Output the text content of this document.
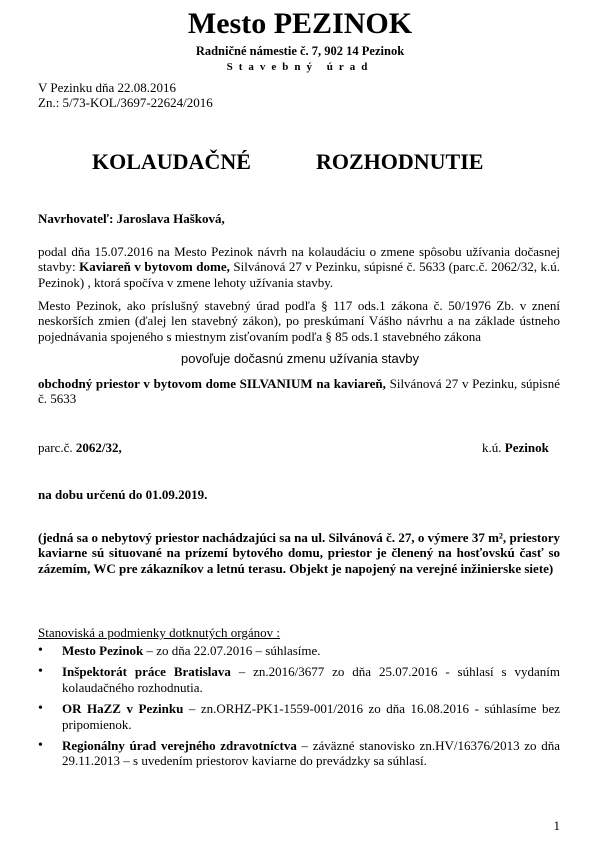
Mesto PEZINOK
Radničné námestie č. 7, 902 14 Pezinok
Stavebný úrad
V Pezinku dňa 22.08.2016
Zn.: 5/73-KOL/3697-22624/2016
KOLAUDAČNÉ	ROZHODNUTIE
Navrhovateľ: Jaroslava Hašková,
podal dňa 15.07.2016 na Mesto Pezinok návrh na kolaudáciu o zmene spôsobu užívania dočasnej stavby: Kaviareň v bytovom dome, Silvánová 27 v Pezinku, súpisné č. 5633 (parc.č. 2062/32, k.ú. Pezinok) , ktorá spočíva v zmene lehoty užívania stavby.
Mesto Pezinok, ako príslušný stavebný úrad podľa § 117 ods.1 zákona č. 50/1976 Zb. v znení neskorších zmien (ďalej len stavebný zákon), po preskúmaní Vášho návrhu a na základe ústneho pojednávania spojeného s miestnym zisťovaním podľa § 85 ods.1 stavebného zákona
povoľuje dočasnú zmenu užívania stavby
obchodný priestor v bytovom dome SILVANIUM na kaviareň, Silvánová 27 v Pezinku, súpisné č. 5633
parc.č. 2062/32,	k.ú. Pezinok
na dobu určenú do 01.09.2019.
(jedná sa o nebytový priestor nachádzajúci sa na ul. Silvánová č. 27, o výmere 37 m², priestory kaviarne sú situované na prízemí bytového domu, priestor je členený na hosťovskú časť so zázemím, WC pre zákazníkov a letnú terasu. Objekt je napojený na verejné inžinierske siete)
Stanoviská a podmienky dotknutých orgánov :
• Mesto Pezinok – zo dňa 22.07.2016 – súhlasíme.
• Inšpektorát práce Bratislava – zn.2016/3677 zo dňa 25.07.2016 - súhlasí s vydaním kolaudačného rozhodnutia.
• OR HaZZ v Pezinku – zn.ORHZ-PK1-1559-001/2016 zo dňa 16.08.2016 - súhlasíme bez pripomienok.
• Regionálny úrad verejného zdravotníctva – záväzné stanovisko zn.HV/16376/2013 zo dňa 29.11.2013 – s uvedením priestorov kaviarne do prevádzky sa súhlasí.
1
